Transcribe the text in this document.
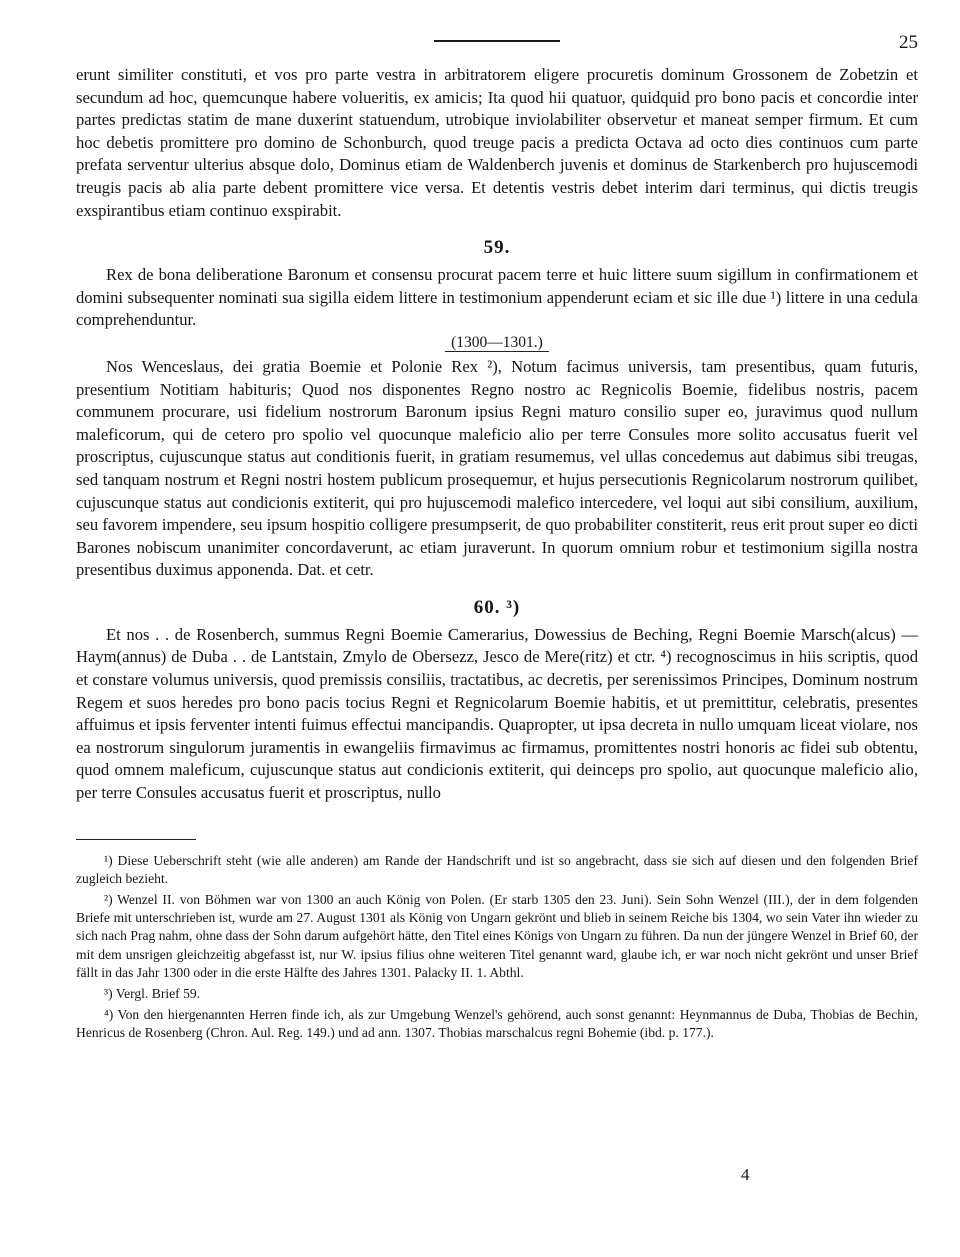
25

erunt similiter constituti, et vos pro parte vestra in arbitratorem eligere procuretis dominum Grossonem de Zobetzin et secundum ad hoc, quemcunque habere volueritis, ex amicis; Ita quod hii quatuor, quidquid pro bono pacis et concordie inter partes predictas statim de mane duxerint statuendum, utrobique inviolabiliter observetur et maneat semper firmum. Et cum hoc debetis promittere pro domino de Schonburch, quod treuge pacis a predicta Octava ad octo dies continuos cum parte prefata serventur ulterius absque dolo, Dominus etiam de Waldenberch juvenis et dominus de Starkenberch pro hujuscemodi treugis pacis ab alia parte debent promittere vice versa. Et detentis vestris debet interim dari terminus, qui dictis treugis exspirantibus etiam continuo exspirabit.

59.

Rex de bona deliberatione Baronum et consensu procurat pacem terre et huic littere suum sigillum in confirmationem et domini subsequenter nominati sua sigilla eidem littere in testimonium appenderunt eciam et sic ille due ¹) littere in una cedula comprehenduntur.

(1300—1301.)

Nos Wenceslaus, dei gratia Boemie et Polonie Rex ²), Notum facimus universis, tam presentibus, quam futuris, presentium Notitiam habituris; Quod nos disponentes Regno nostro ac Regnicolis Boemie, fidelibus nostris, pacem communem procurare, usi fidelium nostrorum Baronum ipsius Regni maturo consilio super eo, juravimus quod nullum maleficorum, qui de cetero pro spolio vel quocunque maleficio alio per terre Consules more solito accusatus fuerit vel proscriptus, cujuscunque status aut conditionis fuerit, in gratiam resumemus, vel ullas concedemus aut dabimus sibi treugas, sed tanquam nostrum et Regni nostri hostem publicum prosequemur, et hujus persecutionis Regnicolarum nostrorum quilibet, cujuscunque status aut condicionis extiterit, qui pro hujuscemodi malefico intercedere, vel loqui aut sibi consilium, auxilium, seu favorem impendere, seu ipsum hospitio colligere presumpserit, de quo probabiliter constiterit, reus erit prout super eo dicti Barones nobiscum unanimiter concordaverunt, ac etiam juraverunt. In quorum omnium robur et testimonium sigilla nostra presentibus duximus apponenda. Dat. et cetr.

60. ³)

Et nos . . de Rosenberch, summus Regni Boemie Camerarius, Dowessius de Beching, Regni Boemie Marsch(alcus) — Haym(annus) de Duba . . de Lantstain, Zmylo de Obersezz, Jesco de Mere(ritz) et ctr. ⁴) recognoscimus in hiis scriptis, quod et constare volumus universis, quod premissis consiliis, tractatibus, ac decretis, per serenissimos Principes, Dominum nostrum Regem et suos heredes pro bono pacis tocius Regni et Regnicolarum Boemie habitis, et ut premittitur, celebratis, presentes affuimus et ipsis ferventer intenti fuimus effectui mancipandis. Quapropter, ut ipsa decreta in nullo umquam liceat violare, nos ea nostrorum singulorum juramentis in ewangeliis firmavimus ac firmamus, promittentes nostri honoris ac fidei sub obtentu, quod omnem maleficum, cujuscunque status aut condicionis extiterit, qui deinceps pro spolio, aut quocunque maleficio alio, per terre Consules accusatus fuerit et proscriptus, nullo

¹) Diese Ueberschrift steht (wie alle anderen) am Rande der Handschrift und ist so angebracht, dass sie sich auf diesen und den folgenden Brief zugleich bezieht.

²) Wenzel II. von Böhmen war von 1300 an auch König von Polen. (Er starb 1305 den 23. Juni). Sein Sohn Wenzel (III.), der in dem folgenden Briefe mit unterschrieben ist, wurde am 27. August 1301 als König von Ungarn gekrönt und blieb in seinem Reiche bis 1304, wo sein Vater ihn wieder zu sich nach Prag nahm, ohne dass der Sohn darum aufgehört hätte, den Titel eines Königs von Ungarn zu führen. Da nun der jüngere Wenzel in Brief 60, der mit dem unsrigen gleichzeitig abgefasst ist, nur W. ipsius filius ohne weiteren Titel genannt ward, glaube ich, er war noch nicht gekrönt und unser Brief fällt in das Jahr 1300 oder in die erste Hälfte des Jahres 1301. Palacky II. 1. Abthl.

³) Vergl. Brief 59.

⁴) Von den hiergenannten Herren finde ich, als zur Umgebung Wenzel's gehörend, auch sonst genannt: Heynmannus de Duba, Thobias de Bechin, Henricus de Rosenberg (Chron. Aul. Reg. 149.) und ad ann. 1307. Thobias marschalcus regni Bohemie (ibd. p. 177.).

4
